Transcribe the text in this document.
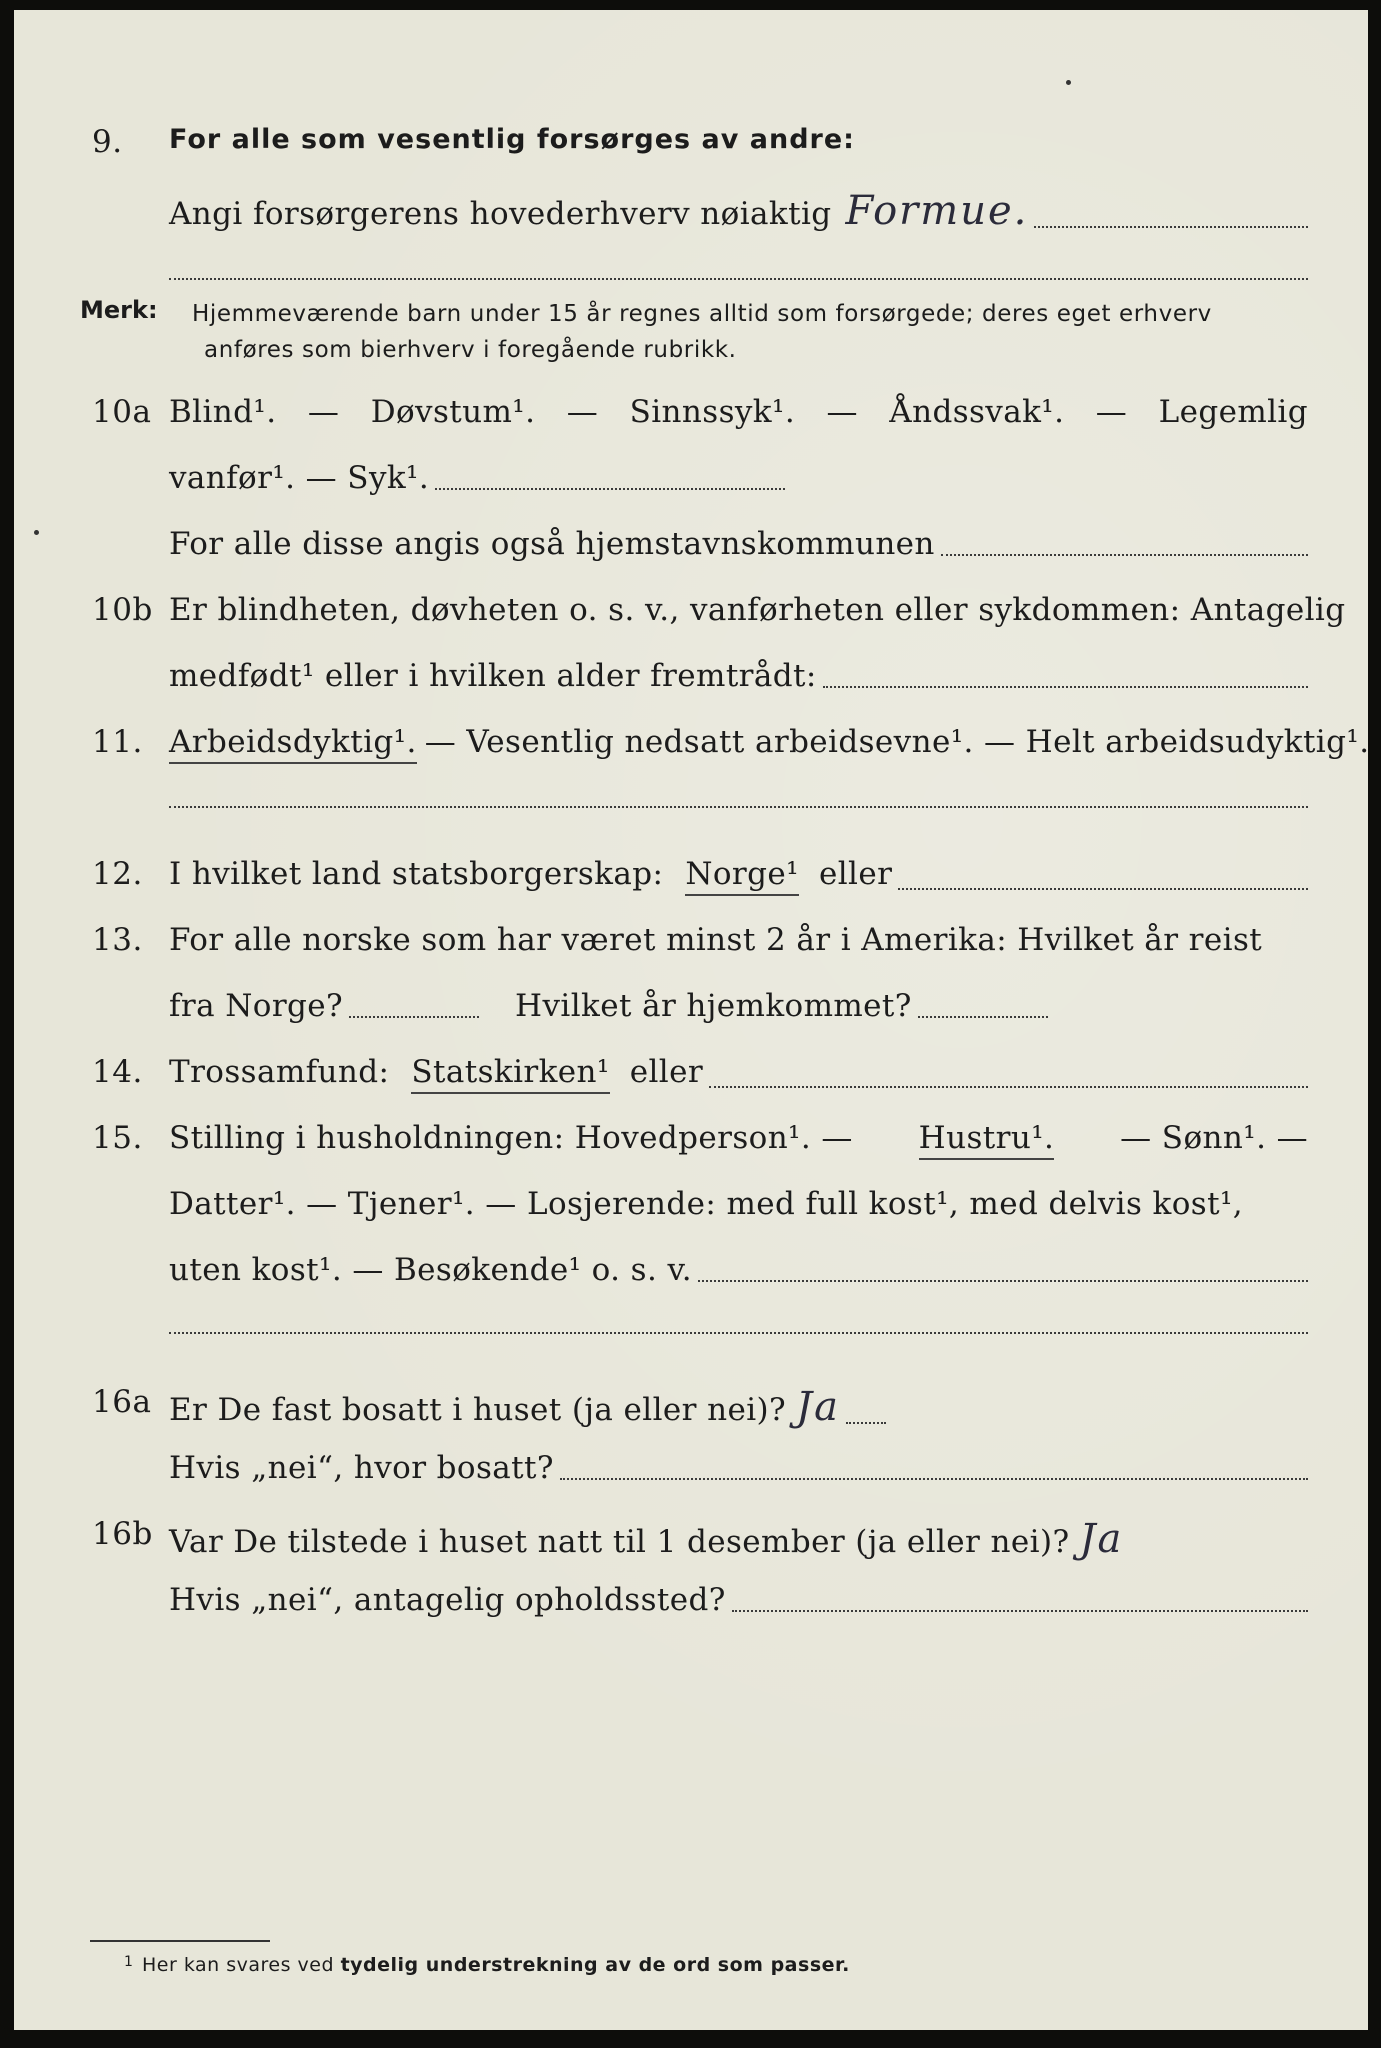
9. For alle som vesentlig forsørges av andre:
Angi forsørgerens hovederhverv nøiaktig Formue.
Merk: Hjemmeværende barn under 15 år regnes alltid som forsørgede; deres eget erhverv
anføres som bierhverv i foregående rubrikk.
10a Blind¹. — Døvstum¹. — Sinnssyk¹. — Åndssvak¹. — Legemlig
vanfør¹. — Syk¹.
For alle disse angis også hjemstavnskommunen
10b Er blindheten, døvheten o. s. v., vanførheten eller sykdommen: Antagelig
medfødt¹ eller i hvilken alder fremtrådt:
11. Arbeidsdyktig¹. — Vesentlig nedsatt arbeidsevne¹. — Helt arbeidsudyktig¹.
12. I hvilket land statsborgerskap: Norge¹ eller
13. For alle norske som har været minst 2 år i Amerika: Hvilket år reist
fra Norge?	Hvilket år hjemkommet?
14. Trossamfund: Statskirken¹ eller
15. Stilling i husholdningen: Hovedperson¹. — Hustru¹. — Sønn¹. —
Datter¹. — Tjener¹. — Losjerende: med full kost¹, med delvis kost¹,
uten kost¹. — Besøkende¹ o. s. v.
16a Er De fast bosatt i huset (ja eller nei)? Ja
Hvis „nei“, hvor bosatt?
16b Var De tilstede i huset natt til 1 desember (ja eller nei)? Ja
Hvis „nei“, antagelig opholdssted?
1 Her kan svares ved tydelig understrekning av de ord som passer.
